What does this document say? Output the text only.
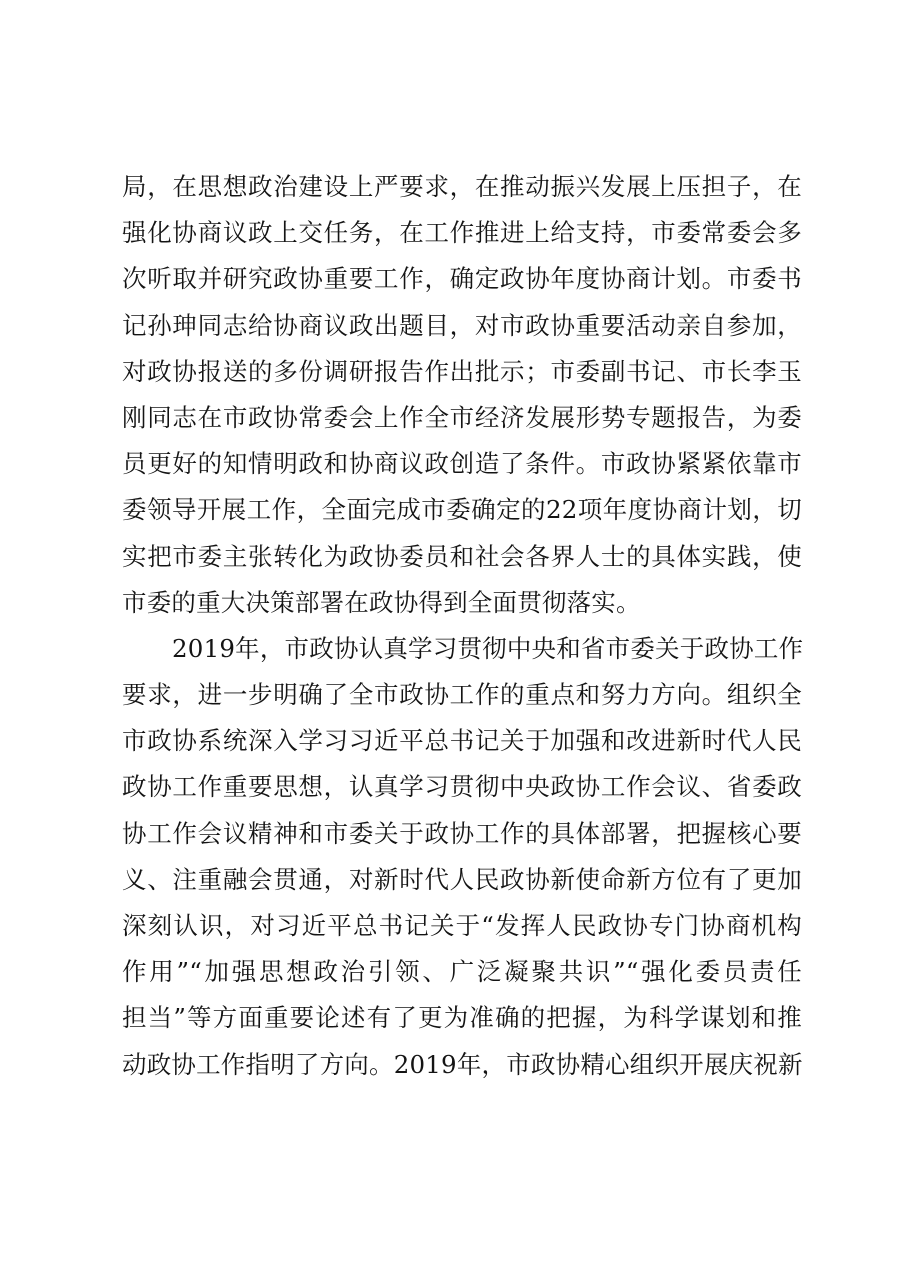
局，在思想政治建设上严要求，在推动振兴发展上压担子，在
强化协商议政上交任务，在工作推进上给支持，市委常委会多
次听取并研究政协重要工作，确定政协年度协商计划。市委书
记孙珅同志给协商议政出题目，对市政协重要活动亲自参加，
对政协报送的多份调研报告作出批示；市委副书记、市长李玉
刚同志在市政协常委会上作全市经济发展形势专题报告，为委
员更好的知情明政和协商议政创造了条件。市政协紧紧依靠市
委领导开展工作，全面完成市委确定的22项年度协商计划，切
实把市委主张转化为政协委员和社会各界人士的具体实践，使
市委的重大决策部署在政协得到全面贯彻落实。
2019年，市政协认真学习贯彻中央和省市委关于政协工作
要求，进一步明确了全市政协工作的重点和努力方向。组织全
市政协系统深入学习习近平总书记关于加强和改进新时代人民
政协工作重要思想，认真学习贯彻中央政协工作会议、省委政
协工作会议精神和市委关于政协工作的具体部署，把握核心要
义、注重融会贯通，对新时代人民政协新使命新方位有了更加
深刻认识，对习近平总书记关于“发挥人民政协专门协商机构
作用”“加强思想政治引领、广泛凝聚共识”“强化委员责任
担当”等方面重要论述有了更为准确的把握，为科学谋划和推
动政协工作指明了方向。2019年，市政协精心组织开展庆祝新
